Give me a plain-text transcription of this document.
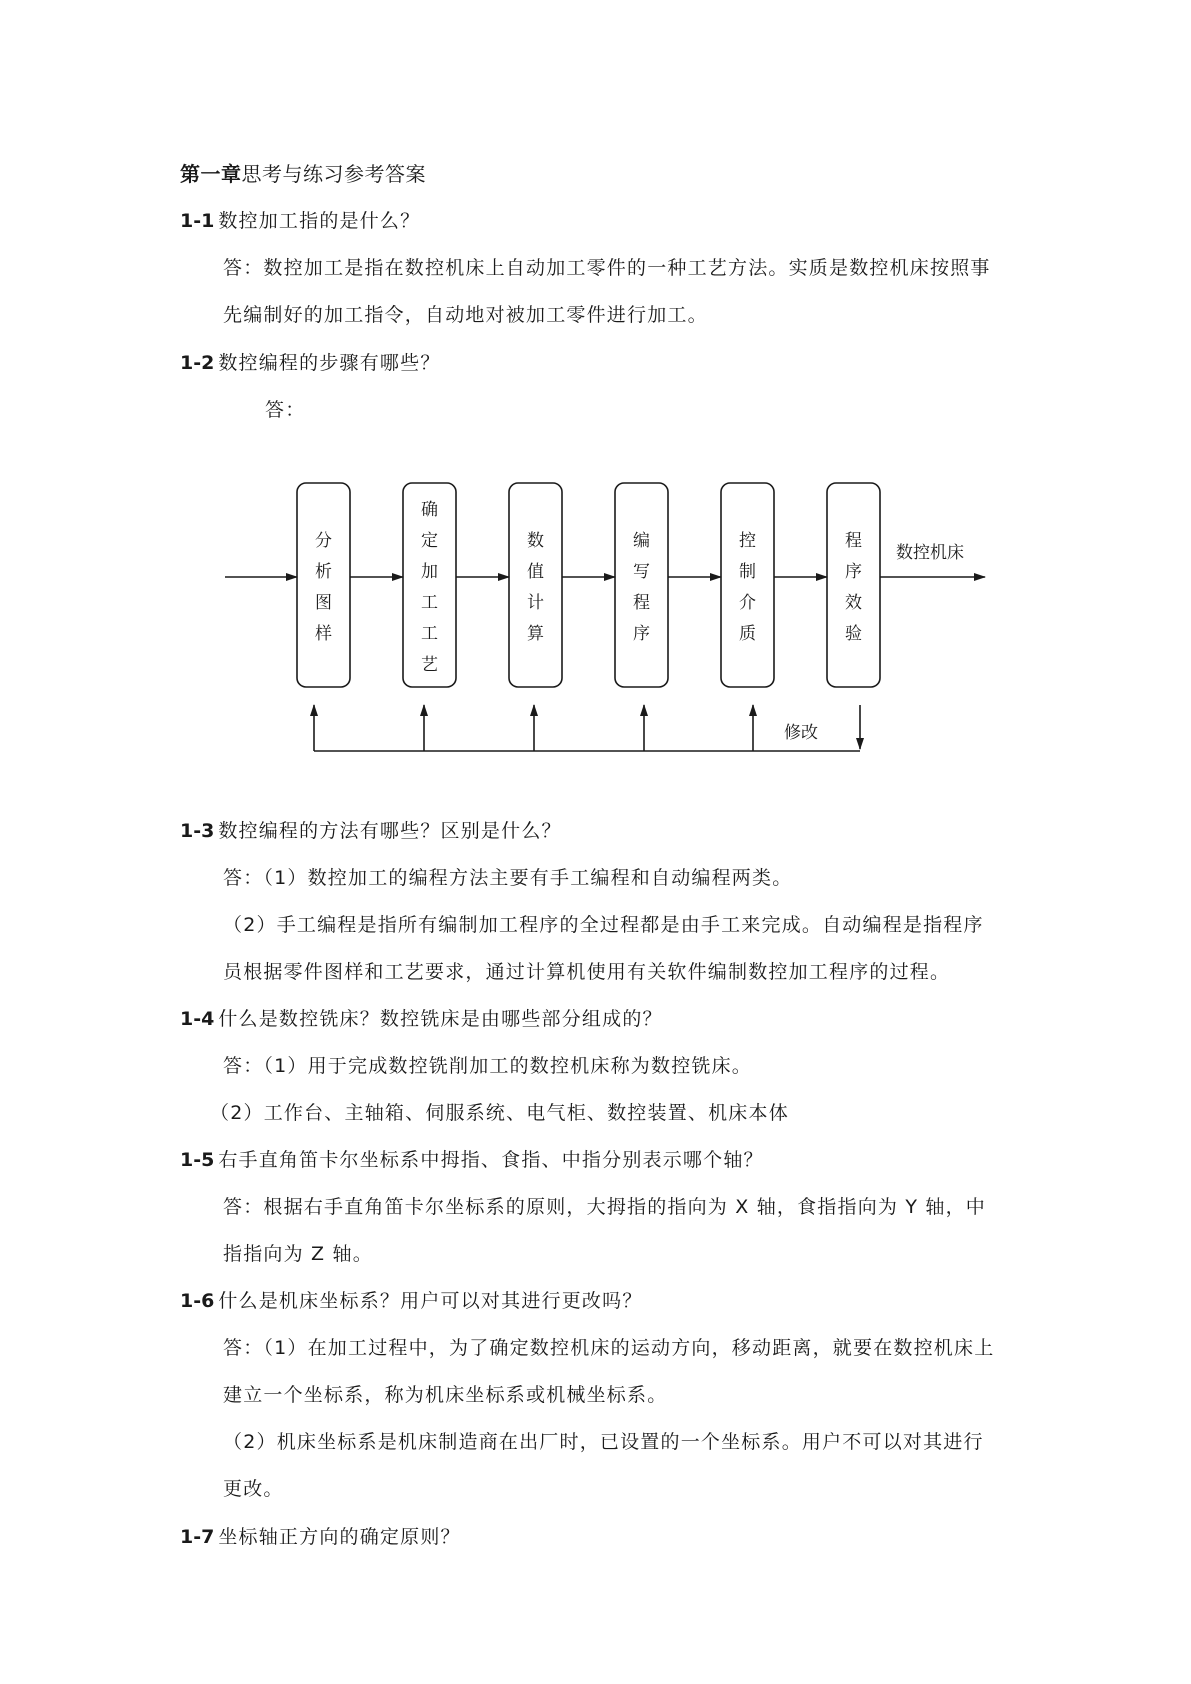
第一章思考与练习参考答案
1-1 数控加工指的是什么？
答：数控加工是指在数控机床上自动加工零件的一种工艺方法。实质是数控机床按照事
先编制好的加工指令，自动地对被加工零件进行加工。
1-2 数控编程的步骤有哪些？
答：
分
析
图
样
确
定
加
工
工
艺
数
值
计
算
编
写
程
序
控
制
介
质
程
序
效
验
数控机床
修改
1-3 数控编程的方法有哪些？区别是什么？
答：（1）数控加工的编程方法主要有手工编程和自动编程两类。
（2）手工编程是指所有编制加工程序的全过程都是由手工来完成。自动编程是指程序
员根据零件图样和工艺要求，通过计算机使用有关软件编制数控加工程序的过程。
1-4 什么是数控铣床？数控铣床是由哪些部分组成的？
答：（1）用于完成数控铣削加工的数控机床称为数控铣床。
（2）工作台、主轴箱、伺服系统、电气柜、数控装置、机床本体
1-5 右手直角笛卡尔坐标系中拇指、食指、中指分别表示哪个轴？
答：根据右手直角笛卡尔坐标系的原则，大拇指的指向为 X 轴，食指指向为 Y 轴，中
指指向为 Z 轴。
1-6 什么是机床坐标系？用户可以对其进行更改吗？
答：（1）在加工过程中，为了确定数控机床的运动方向，移动距离，就要在数控机床上
建立一个坐标系，称为机床坐标系或机械坐标系。
（2）机床坐标系是机床制造商在出厂时，已设置的一个坐标系。用户不可以对其进行
更改。
1-7 坐标轴正方向的确定原则？
